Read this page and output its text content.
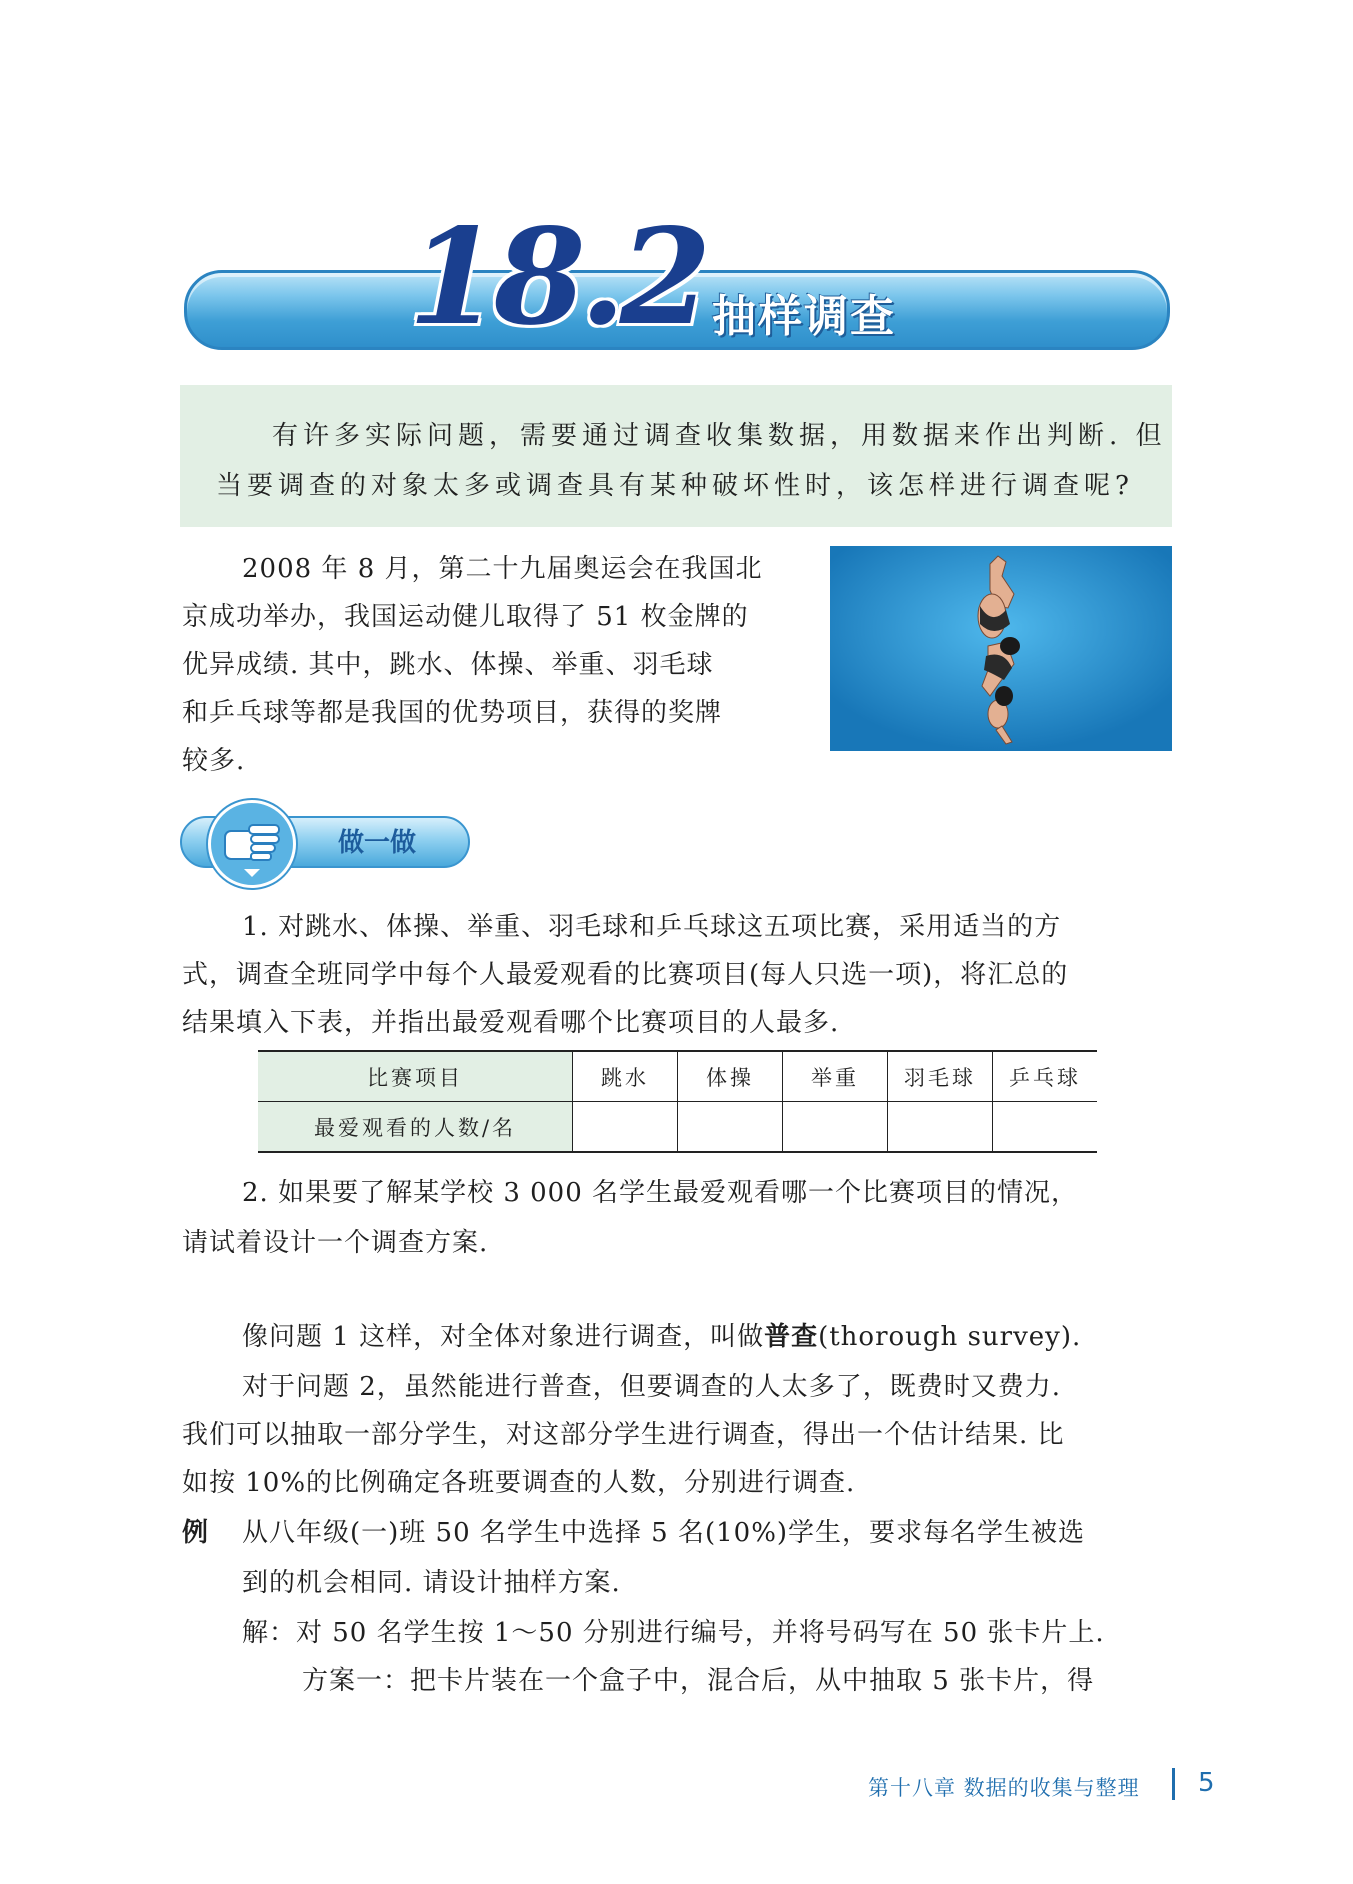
18.2 抽样调查
有许多实际问题，需要通过调查收集数据，用数据来作出判断. 但
当要调查的对象太多或调查具有某种破坏性时，该怎样进行调查呢?
2008 年 8 月，第二十九届奥运会在我国北
京成功举办，我国运动健儿取得了 51 枚金牌的
优异成绩. 其中，跳水、体操、举重、羽毛球
和乒乓球等都是我国的优势项目，获得的奖牌
较多.
做一做
1. 对跳水、体操、举重、羽毛球和乒乓球这五项比赛，采用适当的方
式，调查全班同学中每个人最爱观看的比赛项目(每人只选一项)，将汇总的
结果填入下表，并指出最爱观看哪个比赛项目的人最多.
比赛项目	跳水	体操	举重	羽毛球	乒乓球
最爱观看的人数/名					
2. 如果要了解某学校 3 000 名学生最爱观看哪一个比赛项目的情况，
请试着设计一个调查方案.
像问题 1 这样，对全体对象进行调查，叫做普查(thorough survey).
对于问题 2，虽然能进行普查，但要调查的人太多了，既费时又费力.
我们可以抽取一部分学生，对这部分学生进行调查，得出一个估计结果. 比
如按 10%的比例确定各班要调查的人数，分别进行调查.
例 从八年级(一)班 50 名学生中选择 5 名(10%)学生，要求每名学生被选
到的机会相同. 请设计抽样方案.
解：对 50 名学生按 1～50 分别进行编号，并将号码写在 50 张卡片上.
方案一：把卡片装在一个盒子中，混合后，从中抽取 5 张卡片，得
第十八章 数据的收集与整理 5
